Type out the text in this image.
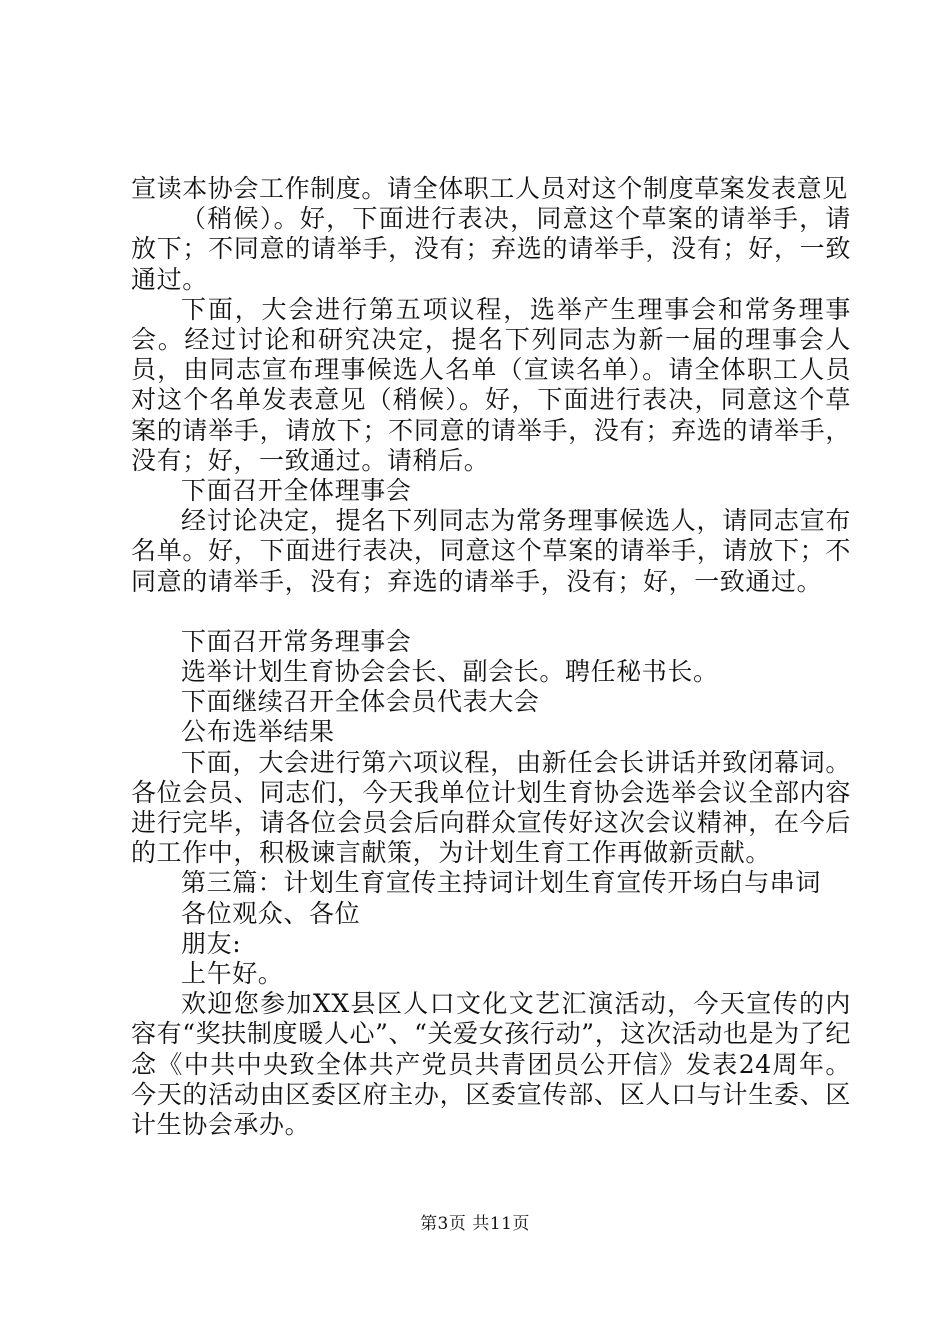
宣读本协会工作制度。请全体职工人员对这个制度草案发表意见

（稍候）。好，下面进行表决，同意这个草案的请举手，请放下；不同意的请举手，没有；弃选的请举手，没有；好，一致通过。

下面，大会进行第五项议程，选举产生理事会和常务理事会。经过讨论和研究决定，提名下列同志为新一届的理事会人员，由同志宣布理事候选人名单（宣读名单）。请全体职工人员对这个名单发表意见（稍候）。好，下面进行表决，同意这个草案的请举手，请放下；不同意的请举手，没有；弃选的请举手，没有；好，一致通过。请稍后。

下面召开全体理事会

经讨论决定，提名下列同志为常务理事候选人，请同志宣布名单。好，下面进行表决，同意这个草案的请举手，请放下；不同意的请举手，没有；弃选的请举手，没有；好，一致通过。

下面召开常务理事会

选举计划生育协会会长、副会长。聘任秘书长。

下面继续召开全体会员代表大会

公布选举结果

下面，大会进行第六项议程，由新任会长讲话并致闭幕词。各位会员、同志们，今天我单位计划生育协会选举会议全部内容进行完毕，请各位会员会后向群众宣传好这次会议精神，在今后的工作中，积极谏言献策，为计划生育工作再做新贡献。

第三篇：计划生育宣传主持词计划生育宣传开场白与串词

各位观众、各位

朋友:

上午好。

欢迎您参加XX县区人口文化文艺汇演活动，今天宣传的内容有“奖扶制度暖人心”、“关爱女孩行动”，这次活动也是为了纪念《中共中央致全体共产党员共青团员公开信》发表24周年。今天的活动由区委区府主办，区委宣传部、区人口与计生委、区计生协会承办。

第3页 共11页
